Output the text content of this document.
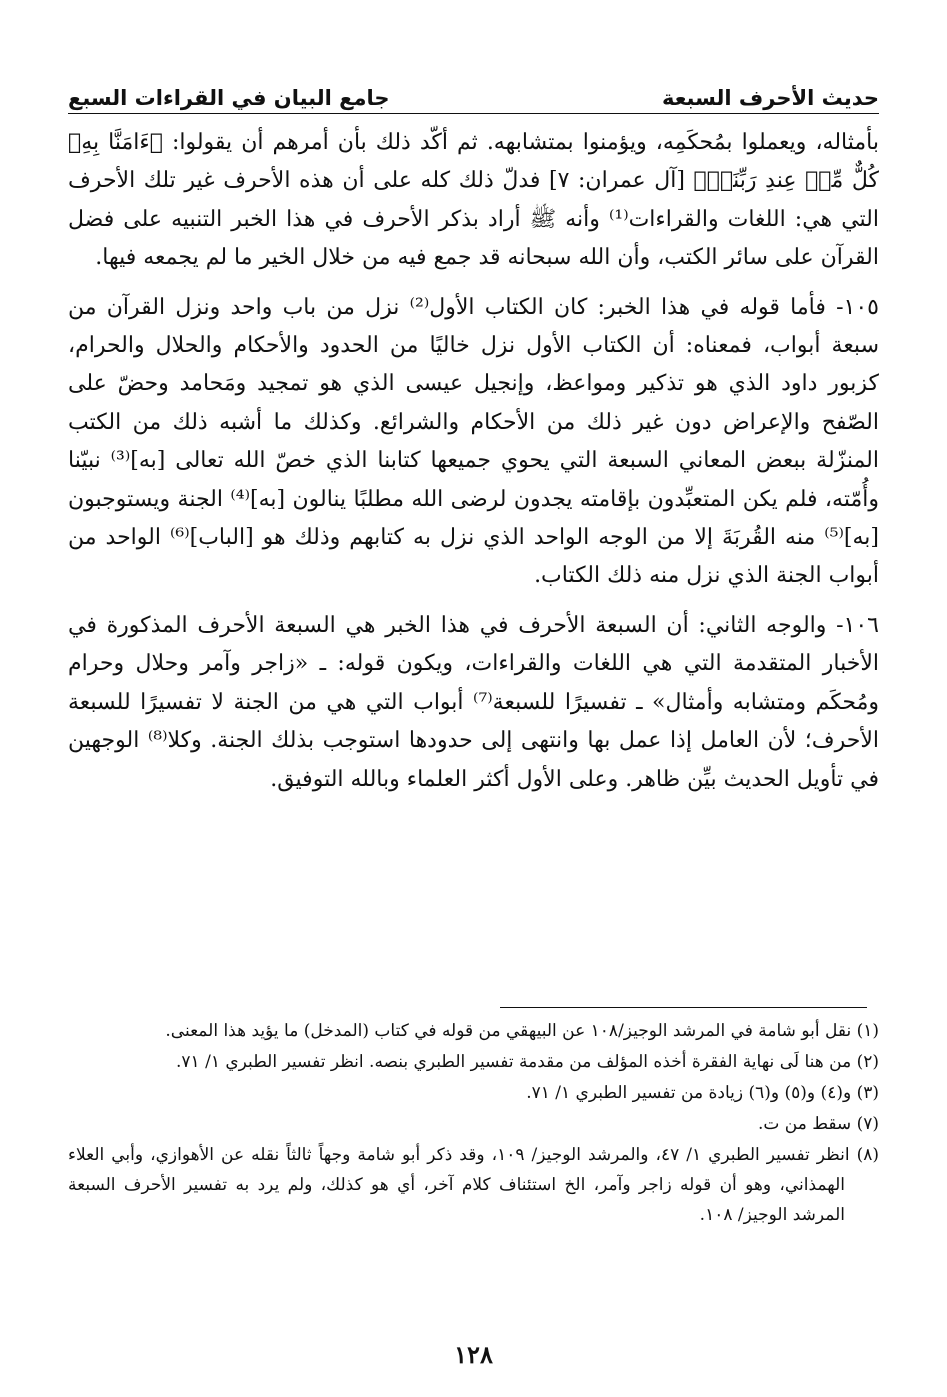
جامع البيان في القراءات السبع	حديث الأحرف السبعة

بأمثاله، ويعملوا بمُحكَمِه، ويؤمنوا بمتشابهه. ثم أكّد ذلك بأن أمرهم أن يقولوا: ﴿ءَامَنَّا بِهِۦ كُلٌّ مِّنۡ عِندِ رَبِّنَاۗ﴾ [آل عمران: ٧] فدلّ ذلك كله على أن هذه الأحرف غير تلك الأحرف التي هي: اللغات والقراءات⁽¹⁾ وأنه ﷺ أراد بذكر الأحرف في هذا الخبر التنبيه على فضل القرآن على سائر الكتب، وأن الله سبحانه قد جمع فيه من خلال الخير ما لم يجمعه فيها.

١٠٥- فأما قوله في هذا الخبر: كان الكتاب الأول⁽²⁾ نزل من باب واحد ونزل القرآن من سبعة أبواب، فمعناه: أن الكتاب الأول نزل خاليًا من الحدود والأحكام والحلال والحرام، كزبور داود الذي هو تذكير ومواعظ، وإنجيل عيسى الذي هو تمجيد ومَحامد وحضّ على الصّفح والإعراض دون غير ذلك من الأحكام والشرائع. وكذلك ما أشبه ذلك من الكتب المنزّلة ببعض المعاني السبعة التي يحوي جميعها كتابنا الذي خصّ الله تعالى [به]⁽³⁾ نبيّنا وأُمّته، فلم يكن المتعبِّدون بإقامته يجدون لرضى الله مطلبًا ينالون [به]⁽⁴⁾ الجنة ويستوجبون [به]⁽⁵⁾ منه القُربَةَ إلا من الوجه الواحد الذي نزل به كتابهم وذلك هو [الباب]⁽⁶⁾ الواحد من أبواب الجنة الذي نزل منه ذلك الكتاب.

١٠٦- والوجه الثاني: أن السبعة الأحرف في هذا الخبر هي السبعة الأحرف المذكورة في الأخبار المتقدمة التي هي اللغات والقراءات، ويكون قوله: ـ «زاجر وآمر وحلال وحرام ومُحكَم ومتشابه وأمثال» ـ تفسيرًا للسبعة⁽⁷⁾ أبواب التي هي من الجنة لا تفسيرًا للسبعة الأحرف؛ لأن العامل إذا عمل بها وانتهى إلى حدودها استوجب بذلك الجنة. وكلا⁽⁸⁾ الوجهين في تأويل الحديث بيِّن ظاهر. وعلى الأول أكثر العلماء وبالله التوفيق.

(١) نقل أبو شامة في المرشد الوجيز/١٠٨ عن البيهقي من قوله في كتاب (المدخل) ما يؤيد هذا المعنى.

(٢) من هنا لَى نهاية الفقرة أخذه المؤلف من مقدمة تفسير الطبري بنصه. انظر تفسير الطبري ١/ ٧١.

(٣) و(٤) و(٥) و(٦) زيادة من تفسير الطبري ١/ ٧١.

(٧) سقط من ت.

(٨) انظر تفسير الطبري ١/ ٤٧، والمرشد الوجيز/ ١٠٩، وقد ذكر أبو شامة وجهاً ثالثاً نقله عن الأهوازي، وأبي العلاء الهمذاني، وهو أن قوله زاجر وآمر، الخ استئناف كلام آخر، أي هو كذلك، ولم يرد به تفسير الأحرف السبعة المرشد الوجيز/ ١٠٨.

١٢٨
